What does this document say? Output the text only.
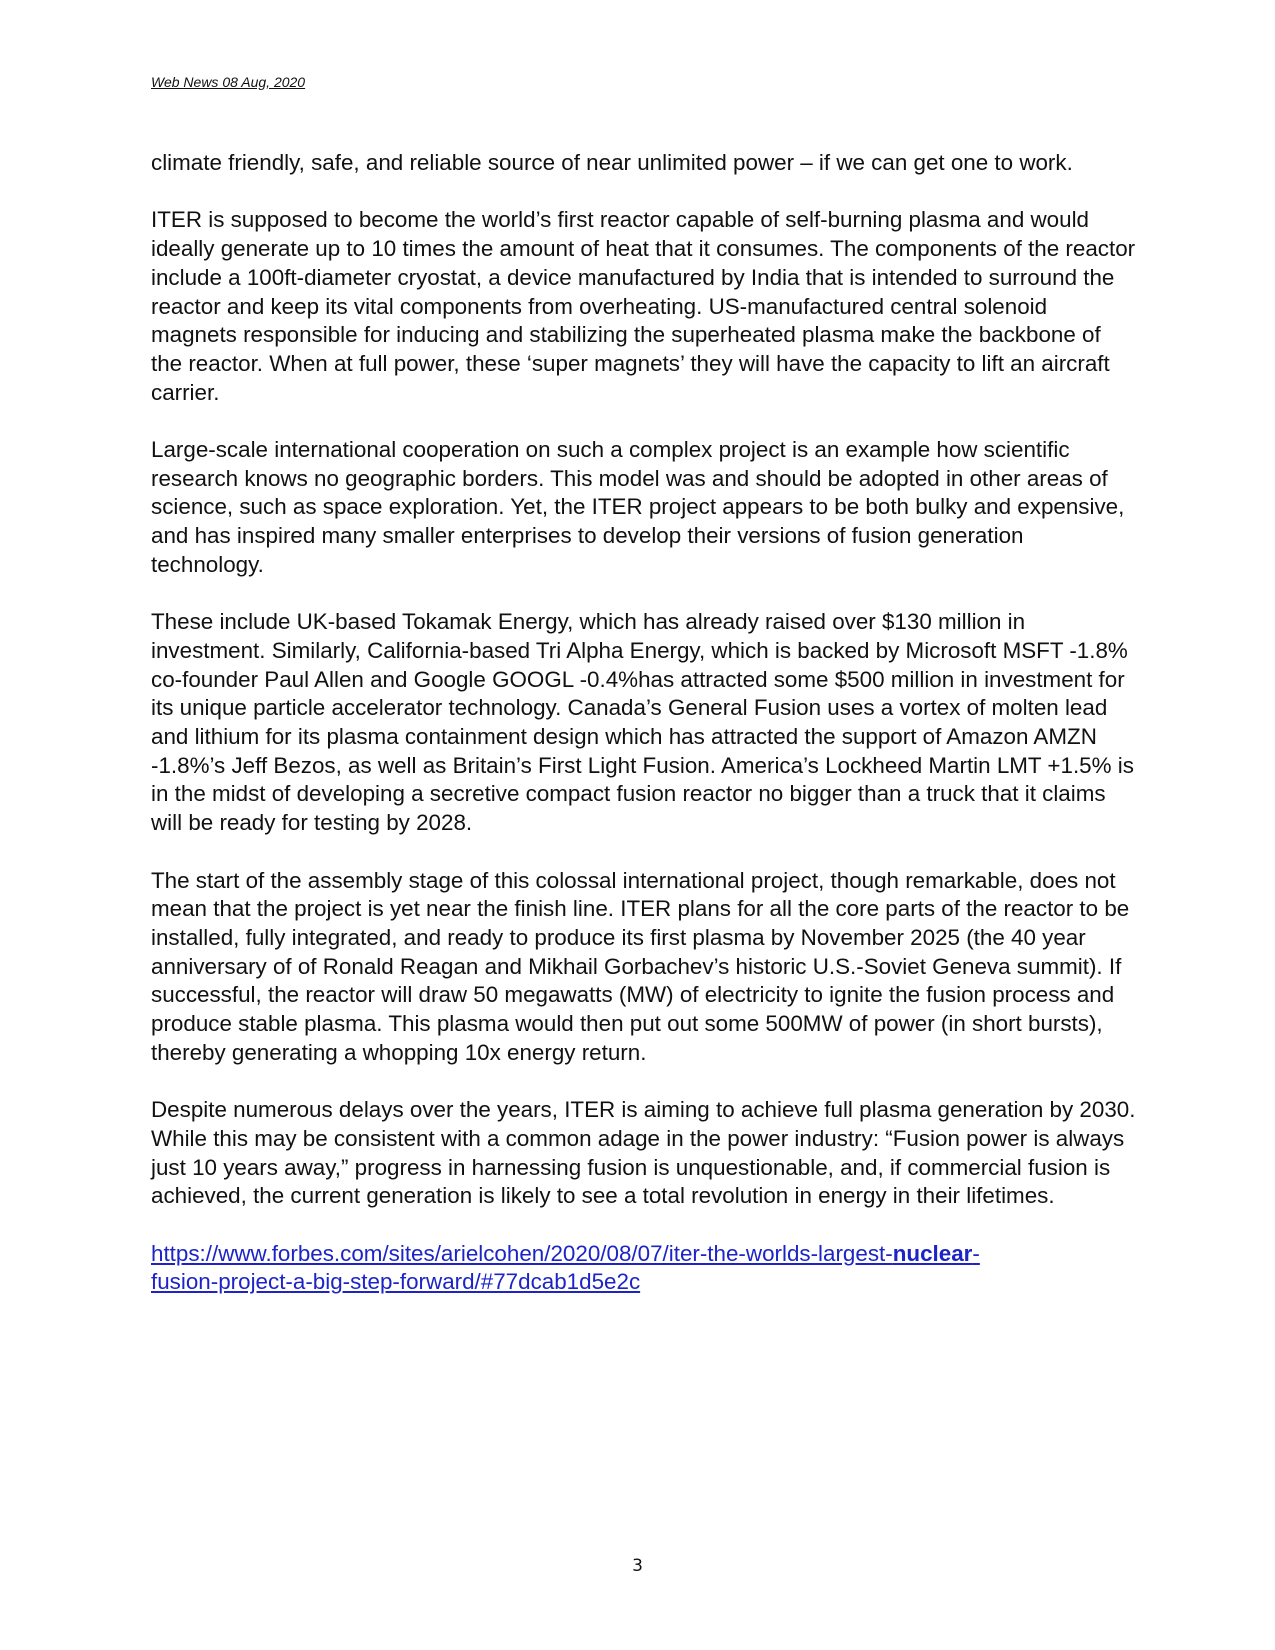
Web News 08 Aug, 2020

climate friendly, safe, and reliable source of near unlimited power – if we can get one to work.

ITER is supposed to become the world’s first reactor capable of self-burning plasma and would ideally generate up to 10 times the amount of heat that it consumes. The components of the reactor include a 100ft-diameter cryostat, a device manufactured by India that is intended to surround the reactor and keep its vital components from overheating. US-manufactured central solenoid magnets responsible for inducing and stabilizing the superheated plasma make the backbone of the reactor. When at full power, these ‘super magnets’ they will have the capacity to lift an aircraft carrier.

Large-scale international cooperation on such a complex project is an example how scientific research knows no geographic borders. This model was and should be adopted in other areas of science, such as space exploration. Yet, the ITER project appears to be both bulky and expensive, and has inspired many smaller enterprises to develop their versions of fusion generation technology.

These include UK-based Tokamak Energy, which has already raised over $130 million in investment. Similarly, California-based Tri Alpha Energy, which is backed by Microsoft MSFT -1.8% co-founder Paul Allen and Google GOOGL -0.4%has attracted some $500 million in investment for its unique particle accelerator technology. Canada’s General Fusion uses a vortex of molten lead and lithium for its plasma containment design which has attracted the support of Amazon AMZN -1.8%’s Jeff Bezos, as well as Britain’s First Light Fusion. America’s Lockheed Martin LMT +1.5% is in the midst of developing a secretive compact fusion reactor no bigger than a truck that it claims will be ready for testing by 2028.

The start of the assembly stage of this colossal international project, though remarkable, does not mean that the project is yet near the finish line. ITER plans for all the core parts of the reactor to be installed, fully integrated, and ready to produce its first plasma by November 2025 (the 40 year anniversary of of Ronald Reagan and Mikhail Gorbachev’s historic U.S.-Soviet Geneva summit). If successful, the reactor will draw 50 megawatts (MW) of electricity to ignite the fusion process and produce stable plasma. This plasma would then put out some 500MW of power (in short bursts), thereby generating a whopping 10x energy return.

Despite numerous delays over the years, ITER is aiming to achieve full plasma generation by 2030. While this may be consistent with a common adage in the power industry: “Fusion power is always just 10 years away,” progress in harnessing fusion is unquestionable, and, if commercial fusion is achieved, the current generation is likely to see a total revolution in energy in their lifetimes.

https://www.forbes.com/sites/arielcohen/2020/08/07/iter-the-worlds-largest-nuclear-
fusion-project-a-big-step-forward/#77dcab1d5e2c

3
